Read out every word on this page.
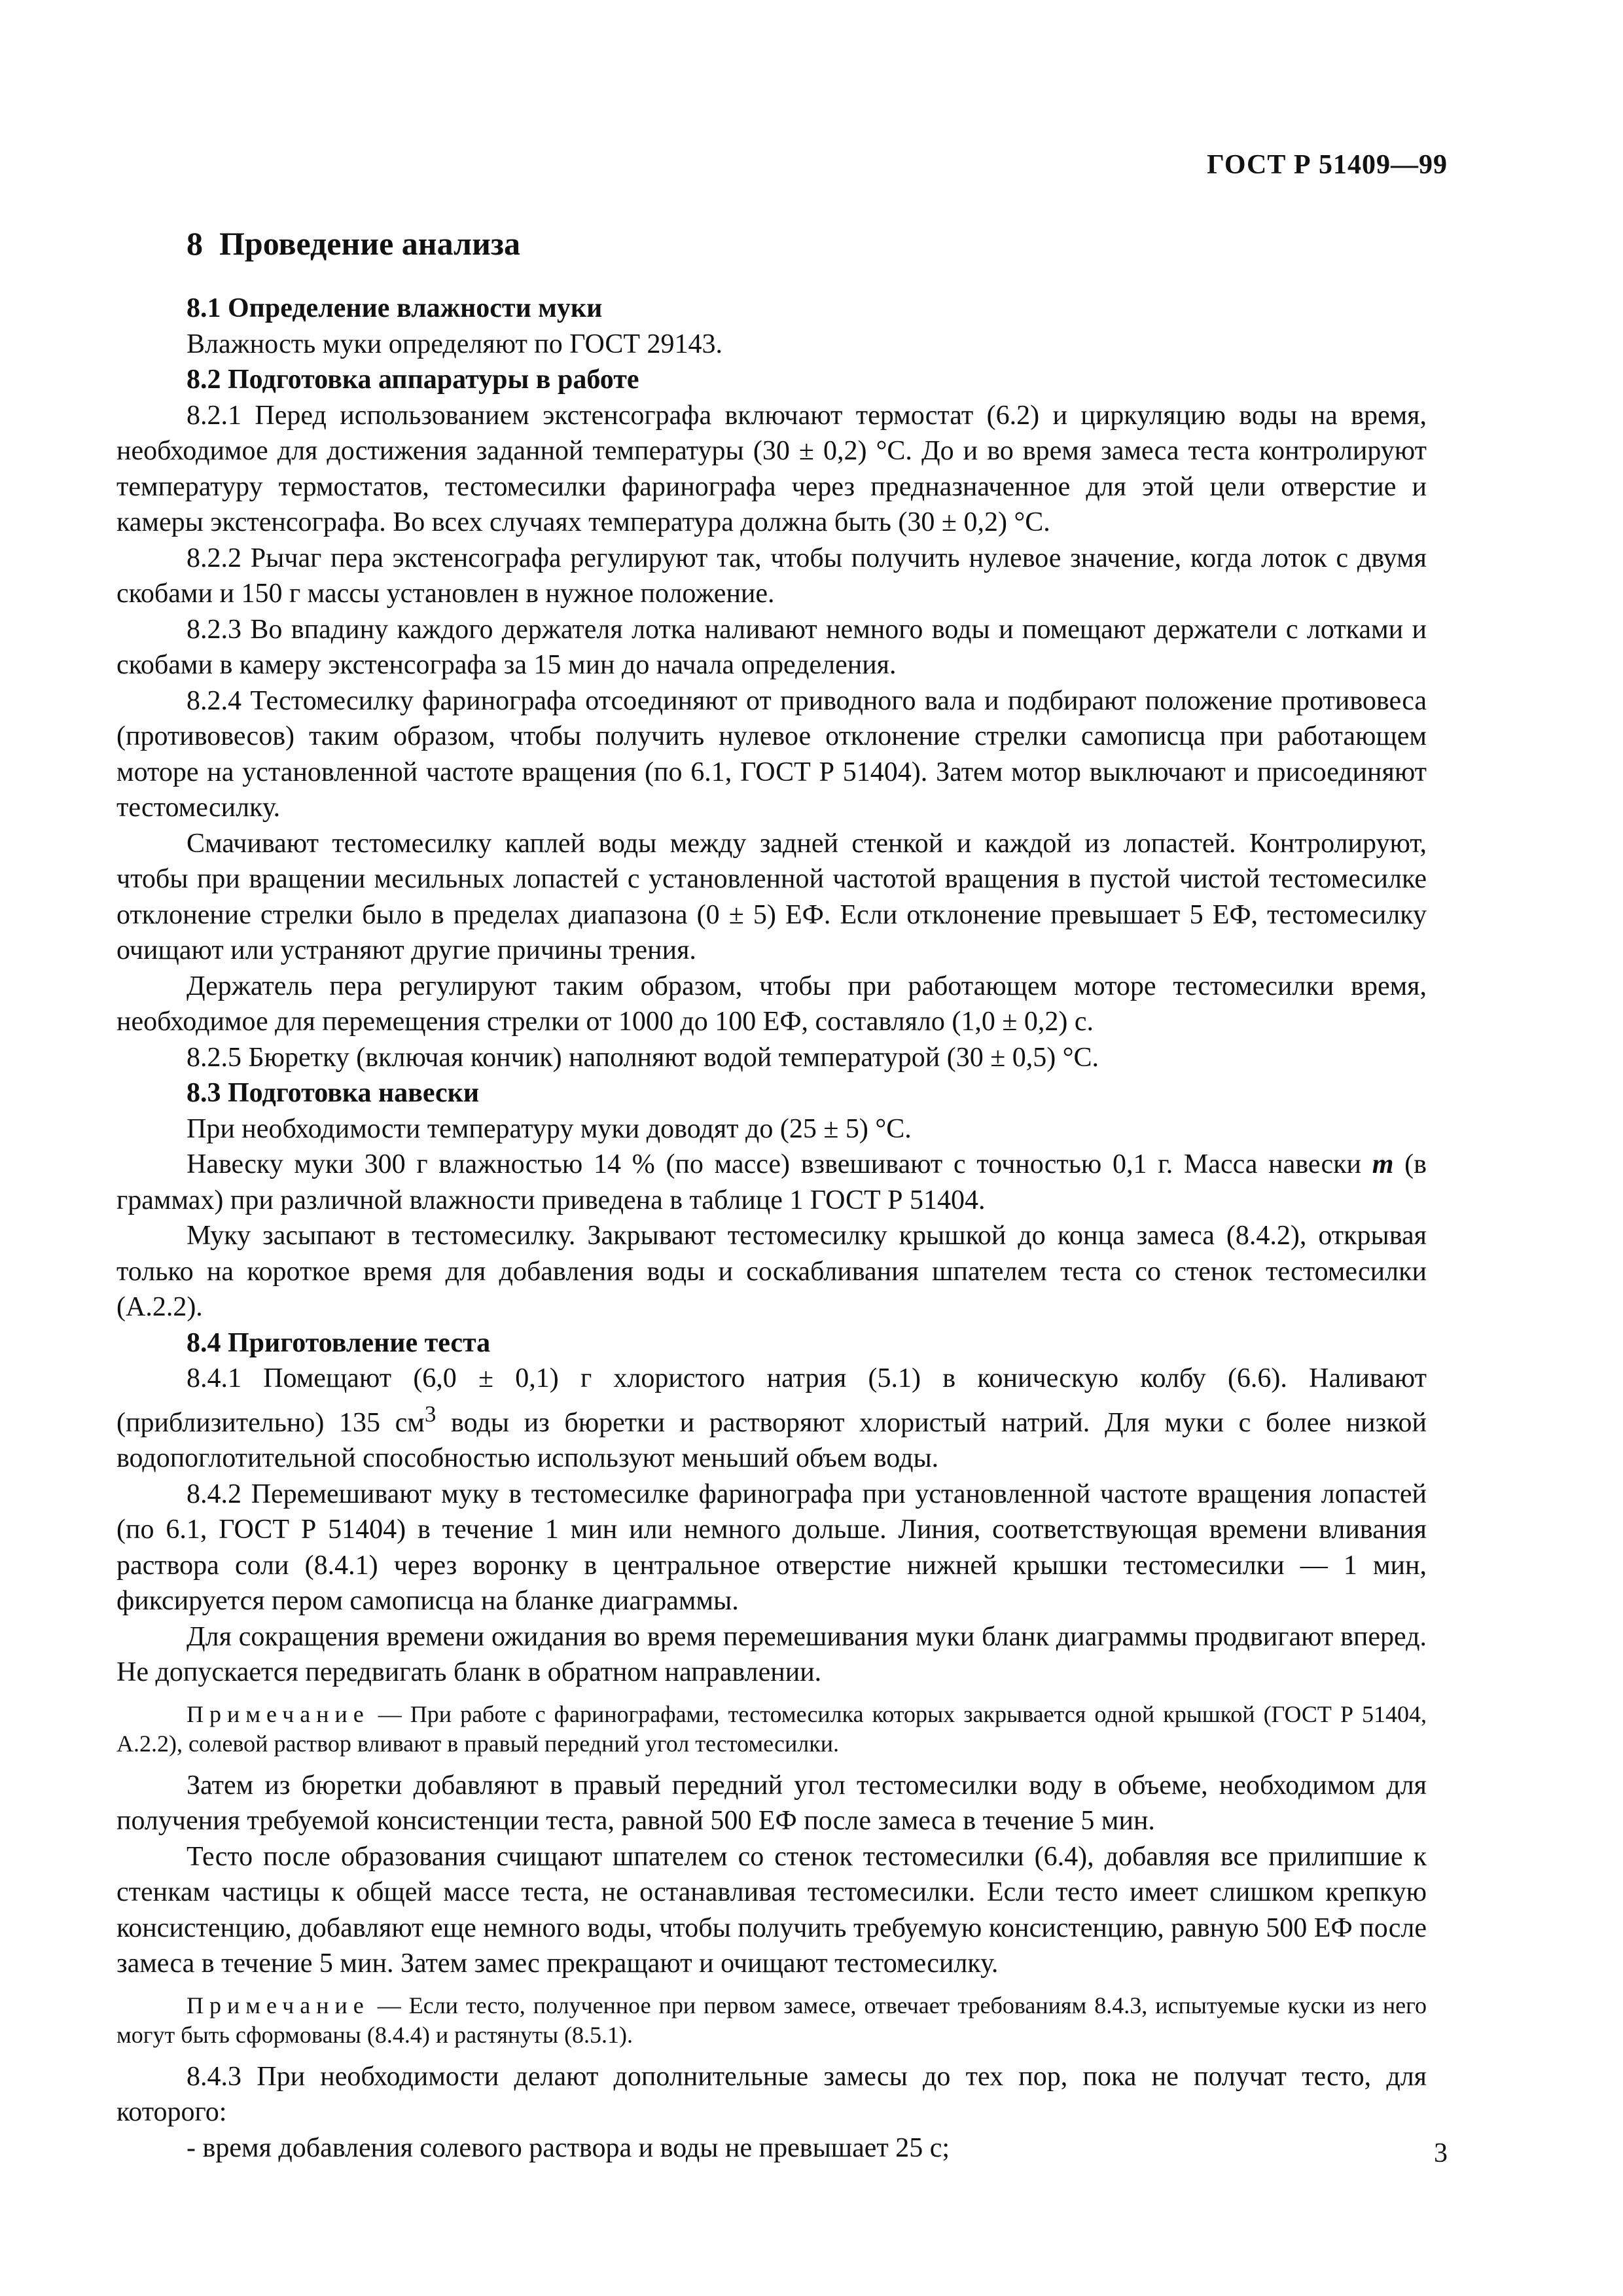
ГОСТ Р 51409—99

8 Проведение анализа

8.1 Определение влажности муки

Влажность муки определяют по ГОСТ 29143.

8.2 Подготовка аппаратуры в работе

8.2.1 Перед использованием экстенсографа включают термостат (6.2) и циркуляцию воды на время, необходимое для достижения заданной температуры (30 ± 0,2) °С. До и во время замеса теста контролируют температуру термостатов, тестомесилки фаринографа через предназначенное для этой цели отверстие и камеры экстенсографа. Во всех случаях температура должна быть (30 ± 0,2) °С.

8.2.2 Рычаг пера экстенсографа регулируют так, чтобы получить нулевое значение, когда лоток с двумя скобами и 150 г массы установлен в нужное положение.

8.2.3 Во впадину каждого держателя лотка наливают немного воды и помещают держатели с лотками и скобами в камеру экстенсографа за 15 мин до начала определения.

8.2.4 Тестомесилку фаринографа отсоединяют от приводного вала и подбирают положение противовеса (противовесов) таким образом, чтобы получить нулевое отклонение стрелки самописца при работающем моторе на установленной частоте вращения (по 6.1, ГОСТ Р 51404). Затем мотор выключают и присоединяют тестомесилку.

Смачивают тестомесилку каплей воды между задней стенкой и каждой из лопастей. Контролируют, чтобы при вращении месильных лопастей с установленной частотой вращения в пустой чистой тестомесилке отклонение стрелки было в пределах диапазона (0 ± 5) ЕФ. Если отклонение превышает 5 ЕФ, тестомесилку очищают или устраняют другие причины трения.

Держатель пера регулируют таким образом, чтобы при работающем моторе тестомесилки время, необходимое для перемещения стрелки от 1000 до 100 ЕФ, составляло (1,0 ± 0,2) с.

8.2.5 Бюретку (включая кончик) наполняют водой температурой (30 ± 0,5) °С.

8.3 Подготовка навески

При необходимости температуру муки доводят до (25 ± 5) °С.

Навеску муки 300 г влажностью 14 % (по массе) взвешивают с точностью 0,1 г. Масса навески m (в граммах) при различной влажности приведена в таблице 1 ГОСТ Р 51404.

Муку засыпают в тестомесилку. Закрывают тестомесилку крышкой до конца замеса (8.4.2), открывая только на короткое время для добавления воды и соскабливания шпателем теста со стенок тестомесилки (А.2.2).

8.4 Приготовление теста

8.4.1 Помещают (6,0 ± 0,1) г хлористого натрия (5.1) в коническую колбу (6.6). Наливают (приблизительно) 135 $см^3$ воды из бюретки и растворяют хлористый натрий. Для муки с более низкой водопоглотительной способностью используют меньший объем воды.

8.4.2 Перемешивают муку в тестомесилке фаринографа при установленной частоте вращения лопастей (по 6.1, ГОСТ Р 51404) в течение 1 мин или немного дольше. Линия, соответствующая времени вливания раствора соли (8.4.1) через воронку в центральное отверстие нижней крышки тестомесилки — 1 мин, фиксируется пером самописца на бланке диаграммы.

Для сокращения времени ожидания во время перемешивания муки бланк диаграммы продвигают вперед. Не допускается передвигать бланк в обратном направлении.

Примечание — При работе с фаринографами, тестомесилка которых закрывается одной крышкой (ГОСТ Р 51404, А.2.2), солевой раствор вливают в правый передний угол тестомесилки.

Затем из бюретки добавляют в правый передний угол тестомесилки воду в объеме, необходимом для получения требуемой консистенции теста, равной 500 ЕФ после замеса в течение 5 мин.

Тесто после образования счищают шпателем со стенок тестомесилки (6.4), добавляя все прилипшие к стенкам частицы к общей массе теста, не останавливая тестомесилки. Если тесто имеет слишком крепкую консистенцию, добавляют еще немного воды, чтобы получить требуемую консистенцию, равную 500 ЕФ после замеса в течение 5 мин. Затем замес прекращают и очищают тестомесилку.

Примечание — Если тесто, полученное при первом замесе, отвечает требованиям 8.4.3, испытуемые куски из него могут быть сформованы (8.4.4) и растянуты (8.5.1).

8.4.3 При необходимости делают дополнительные замесы до тех пор, пока не получат тесто, для которого:

- время добавления солевого раствора и воды не превышает 25 с;	3
